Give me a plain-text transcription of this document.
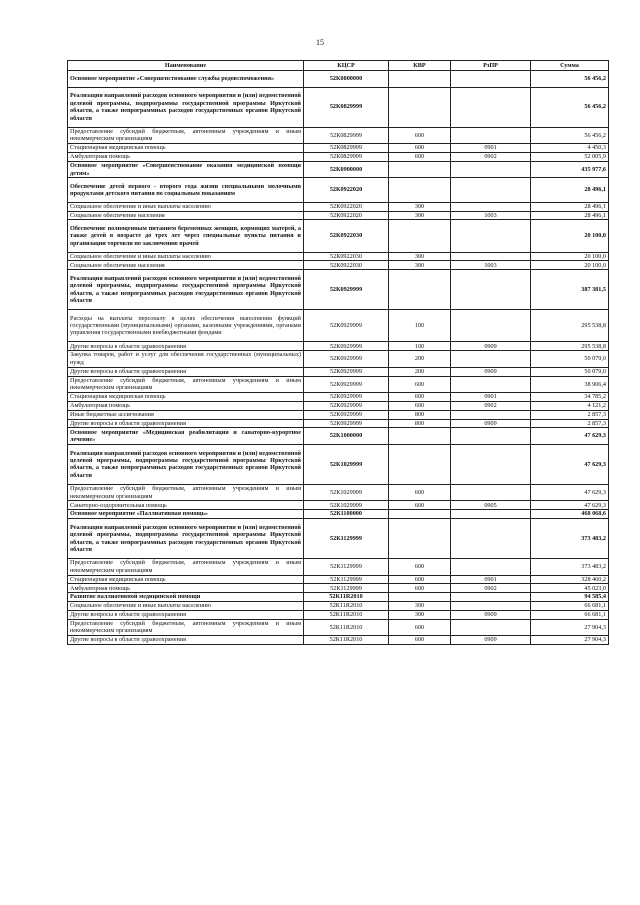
15
Наименование	КЦСР	КВР	РзПР	Сумма
Основное мероприятие «Совершенствование службы родовспоможения»	52К0800000			56 456,2
Реализация направлений расходов основного мероприятия и (или) ведомственной целевой программы, подпрограммы государственной программы Иркутской области, а также непрограммных расходов государственных органов Иркутской области	52К0829999			56 456,2
Предоставление субсидий бюджетным, автономным учреждениям и иным некоммерческим организациям	52К0829999	600		56 456,2
Стационарная медицинская помощь	52К0829999	600	0901	4 450,3
Амбулаторная помощь	52К0829999	600	0902	52 005,9
Основное мероприятие «Совершенствование оказания медицинской помощи детям»	52К0900000			435 977,6
Обеспечение детей первого - второго года жизни специальными молочными продуктами детского питания по социальным показаниям	52К0922020			28 496,1
Социальное обеспечение и иные выплаты населению	52К0922020	300		28 496,1
Социальное обеспечение населения	52К0922020	300	1003	28 496,1
Обеспечение полноценным питанием беременных женщин, кормящих матерей, а также детей в возрасте до трех лет через специальные пункты питания и организации торговли по заключению врачей	52К0922030			20 100,0
Социальное обеспечение и иные выплаты населению	52К0922030	300		20 100,0
Социальное обеспечение населения	52К0922030	300	1003	20 100,0
Реализация направлений расходов основного мероприятия и (или) ведомственной целевой программы, подпрограммы государственной программы Иркутской области, а также непрограммных расходов государственных органов Иркутской области	52К0929999			387 381,5
Расходы на выплаты персоналу в целях обеспечения выполнения функций государственными (муниципальными) органами, казенными учреждениями, органами управления государственными внебюджетными фондами	52К0929999	100		295 538,8
Другие вопросы в области здравоохранения	52К0929999	100	0909	295 538,8
Закупка товаров, работ и услуг для обеспечения государственных (муниципальных) нужд	52К0929999	200		50 079,0
Другие вопросы в области здравоохранения	52К0929999	200	0909	50 079,0
Предоставление субсидий бюджетным, автономным учреждениям и иным некоммерческим организациям	52К0929999	600		38 906,4
Стационарная медицинская помощь	52К0929999	600	0901	34 785,2
Амбулаторная помощь	52К0929999	600	0902	4 121,2
Иные бюджетные ассигнования	52К0929999	800		2 857,3
Другие вопросы в области здравоохранения	52К0929999	800	0909	2 857,3
Основное мероприятие «Медицинская реабилитация и санаторно-курортное лечение»	52К1000000			47 629,3
Реализация направлений расходов основного мероприятия и (или) ведомственной целевой программы, подпрограммы государственной программы Иркутской области, а также непрограммных расходов государственных органов Иркутской области	52К1029999			47 629,3
Предоставление субсидий бюджетным, автономным учреждениям и иным некоммерческим организациям	52К1029999	600		47 629,3
Санаторно-оздоровительная помощь	52К1029999	600	0905	47 629,3
Основное мероприятие «Паллиативная помощь»	52К1100000			468 068,6
Реализация направлений расходов основного мероприятия и (или) ведомственной целевой программы, подпрограммы государственной программы Иркутской области, а также непрограммных расходов государственных органов Иркутской области	52К1129999			373 483,2
Предоставление субсидий бюджетным, автономным учреждениям и иным некоммерческим организациям	52К1129999	600		373 483,2
Стационарная медицинская помощь	52К1129999	600	0901	328 460,2
Амбулаторная помощь	52К1129999	600	0902	45 023,0
Развитие паллиативной медицинской помощи	52К11R2010			94 585,4
Социальное обеспечение и иные выплаты населению	52К11R2010	300		66 681,1
Другие вопросы в области здравоохранения	52К11R2010	300	0909	66 681,1
Предоставление субсидий бюджетным, автономным учреждениям и иным некоммерческим организациям	52К11R2010	600		27 904,3
Другие вопросы в области здравоохранения	52К11R2010	600	0909	27 904,3
